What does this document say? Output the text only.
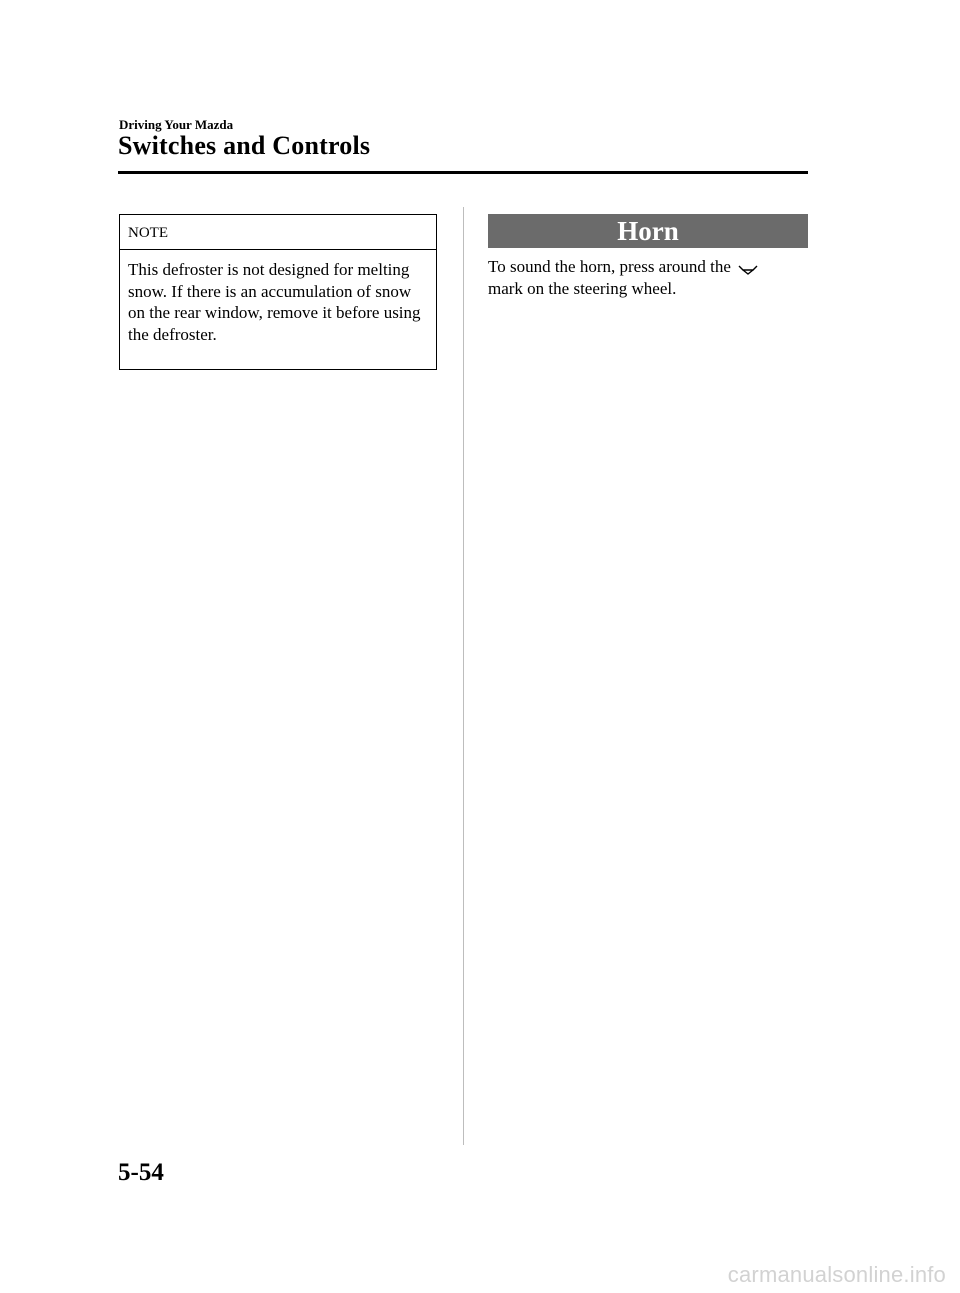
Driving Your Mazda
Switches and Controls
NOTE
This defroster is not designed for melting snow. If there is an accumulation of snow on the rear window, remove it before using the defroster.
Horn
To sound the horn, press around the
mark on the steering wheel.
5-54
carmanualsonline.info
